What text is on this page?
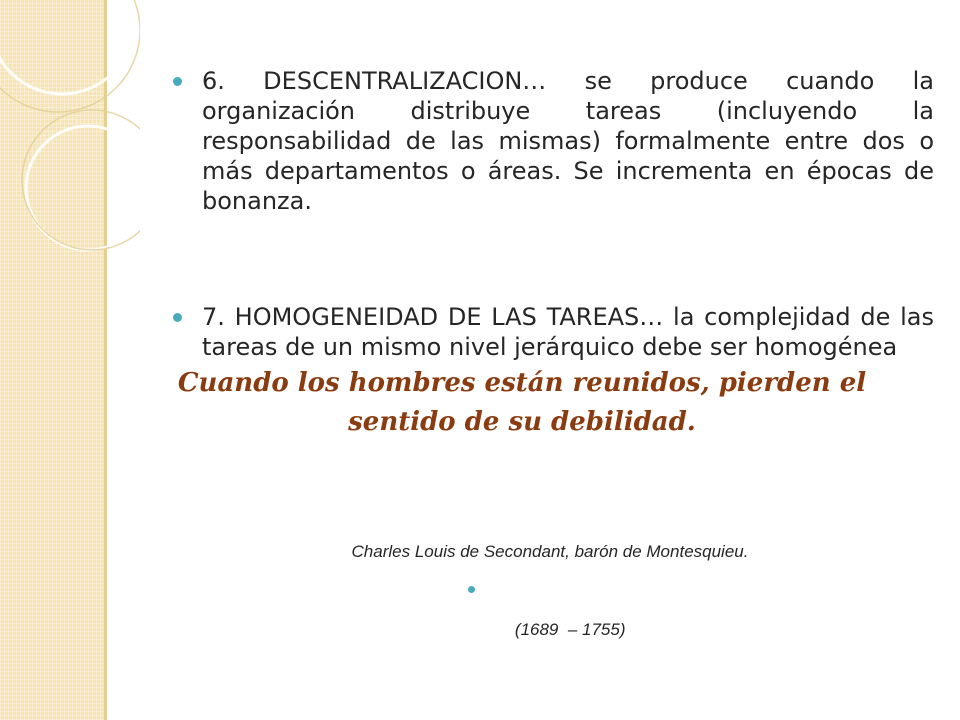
6. DESCENTRALIZACION… se produce cuando la organización distribuye tareas (incluyendo la responsabilidad de las mismas) formalmente entre dos o más departamentos o áreas. Se incrementa en épocas de bonanza.
7. HOMOGENEIDAD DE LAS TAREAS… la complejidad de las tareas de un mismo nivel jerárquico debe ser homogénea
Cuando los hombres están reunidos, pierden el
sentido de su debilidad.
Charles Louis de Secondant, barón de Montesquieu.

(1689  – 1755)
